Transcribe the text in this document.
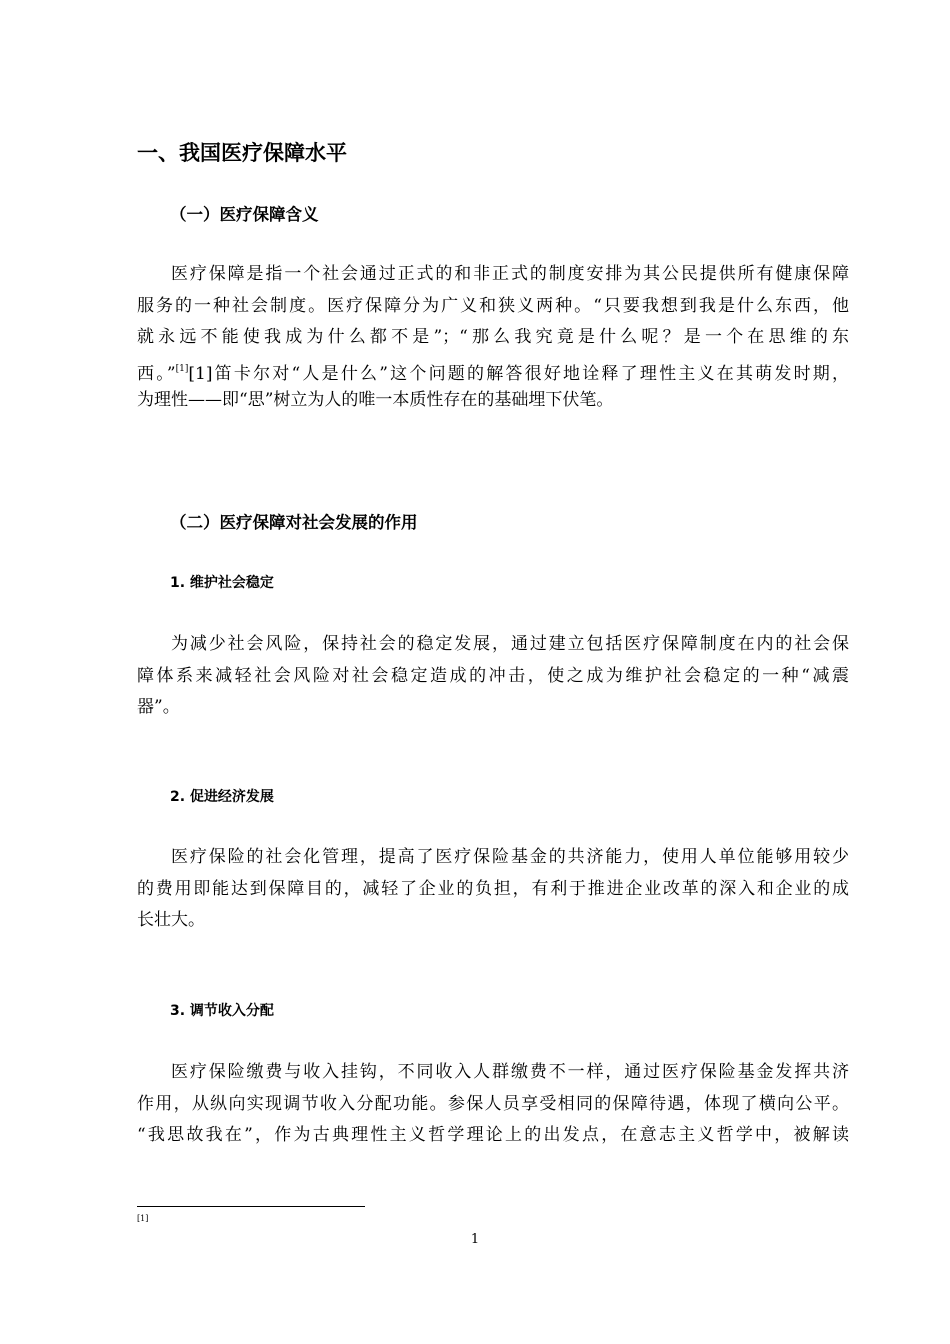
一、我国医疗保障水平
（一）医疗保障含义
医疗保障是指一个社会通过正式的和非正式的制度安排为其公民提供所有健康保障
服务的一种社会制度。医疗保障分为广义和狭义两种。“只要我想到我是什么东西，他
就永远不能使我成为什么都不是”；“那么我究竟是什么呢？是一个在思维的东
西。”[1][1]笛卡尔对“人是什么”这个问题的解答很好地诠释了理性主义在其萌发时期，
为理性——即“思”树立为人的唯一本质性存在的基础埋下伏笔。
（二）医疗保障对社会发展的作用
1. 维护社会稳定
为减少社会风险，保持社会的稳定发展，通过建立包括医疗保障制度在内的社会保
障体系来减轻社会风险对社会稳定造成的冲击，使之成为维护社会稳定的一种“减震
器”。
2. 促进经济发展
医疗保险的社会化管理，提高了医疗保险基金的共济能力，使用人单位能够用较少
的费用即能达到保障目的，减轻了企业的负担，有利于推进企业改革的深入和企业的成
长壮大。
3. 调节收入分配
医疗保险缴费与收入挂钩，不同收入人群缴费不一样，通过医疗保险基金发挥共济
作用，从纵向实现调节收入分配功能。参保人员享受相同的保障待遇，体现了横向公平。
“我思故我在”，作为古典理性主义哲学理论上的出发点，在意志主义哲学中，被解读
[1]
1
